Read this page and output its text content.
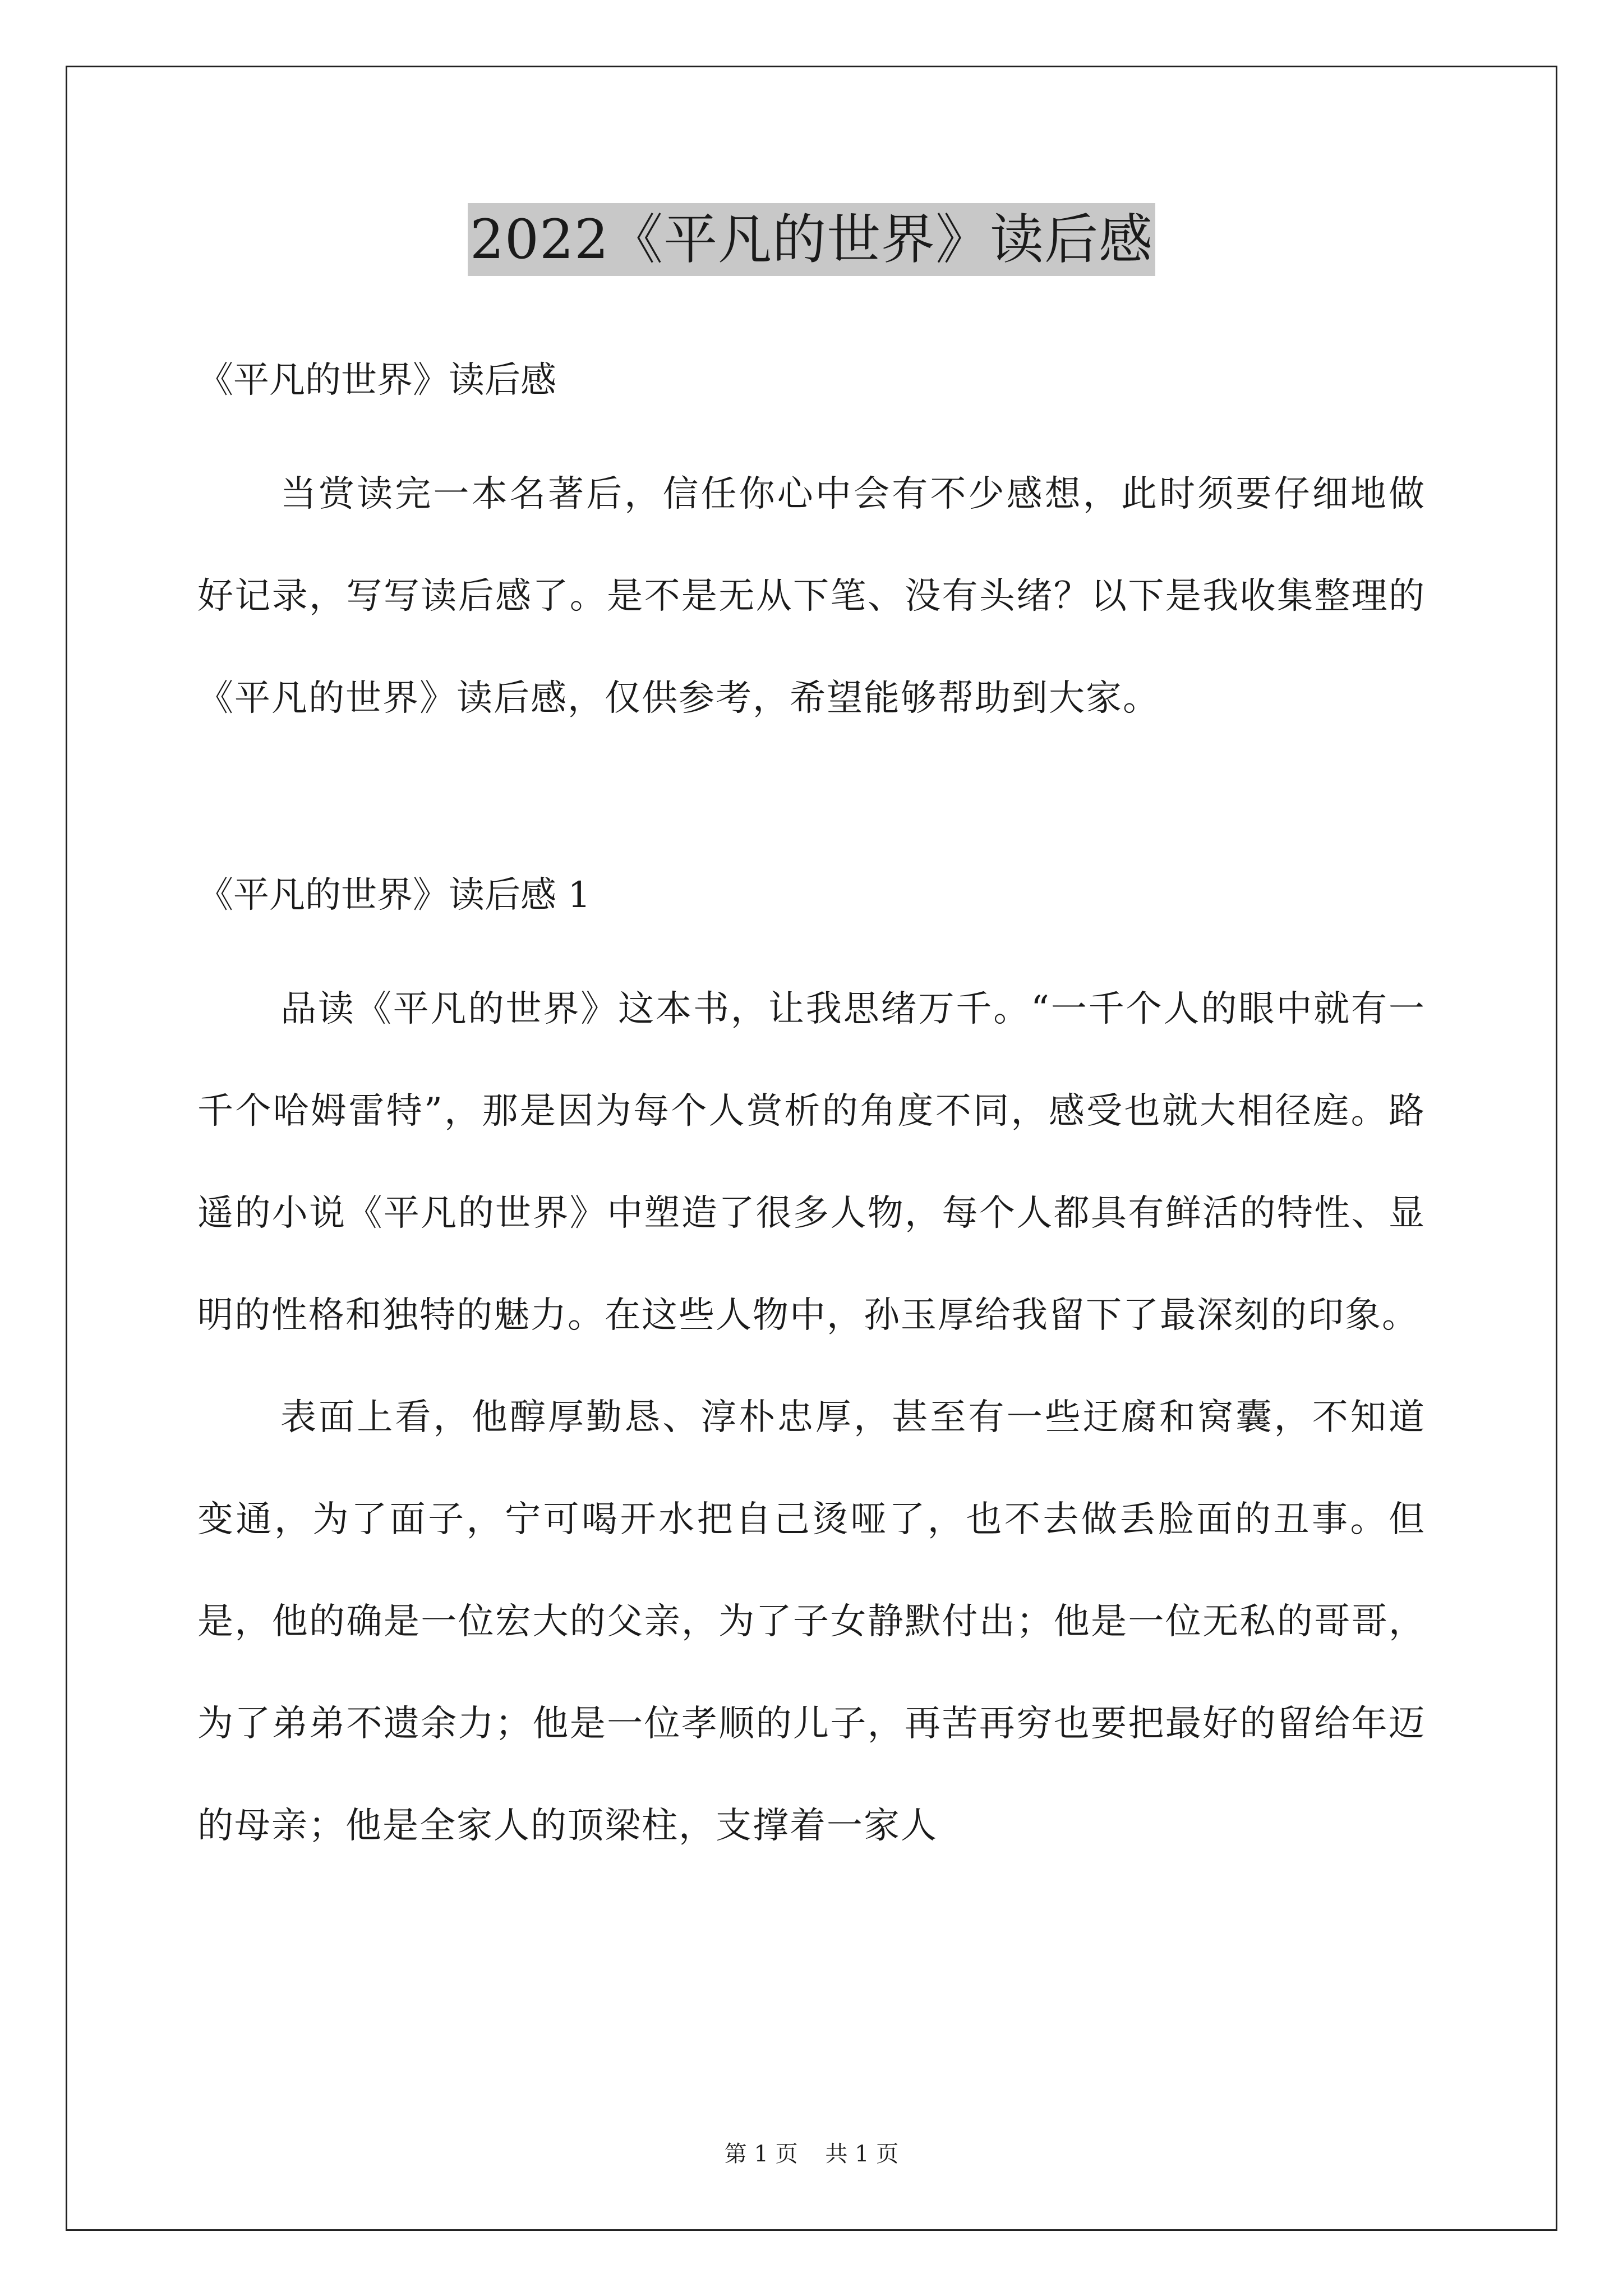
2022《平凡的世界》读后感

《平凡的世界》读后感

当赏读完一本名著后，信任你心中会有不少感想，此时须要仔细地做好记录，写写读后感了。是不是无从下笔、没有头绪？以下是我收集整理的《平凡的世界》读后感，仅供参考，希望能够帮助到大家。

《平凡的世界》读后感 1

品读《平凡的世界》这本书，让我思绪万千。“一千个人的眼中就有一千个哈姆雷特”，那是因为每个人赏析的角度不同，感受也就大相径庭。路遥的小说《平凡的世界》中塑造了很多人物，每个人都具有鲜活的特性、显明的性格和独特的魅力。在这些人物中，孙玉厚给我留下了最深刻的印象。

表面上看，他醇厚勤恳、淳朴忠厚，甚至有一些迂腐和窝囊，不知道变通，为了面子，宁可喝开水把自己烫哑了，也不去做丢脸面的丑事。但是，他的确是一位宏大的父亲，为了子女静默付出；他是一位无私的哥哥，为了弟弟不遗余力；他是一位孝顺的儿子，再苦再穷也要把最好的留给年迈的母亲；他是全家人的顶梁柱，支撑着一家人

第 1 页 共 1 页
